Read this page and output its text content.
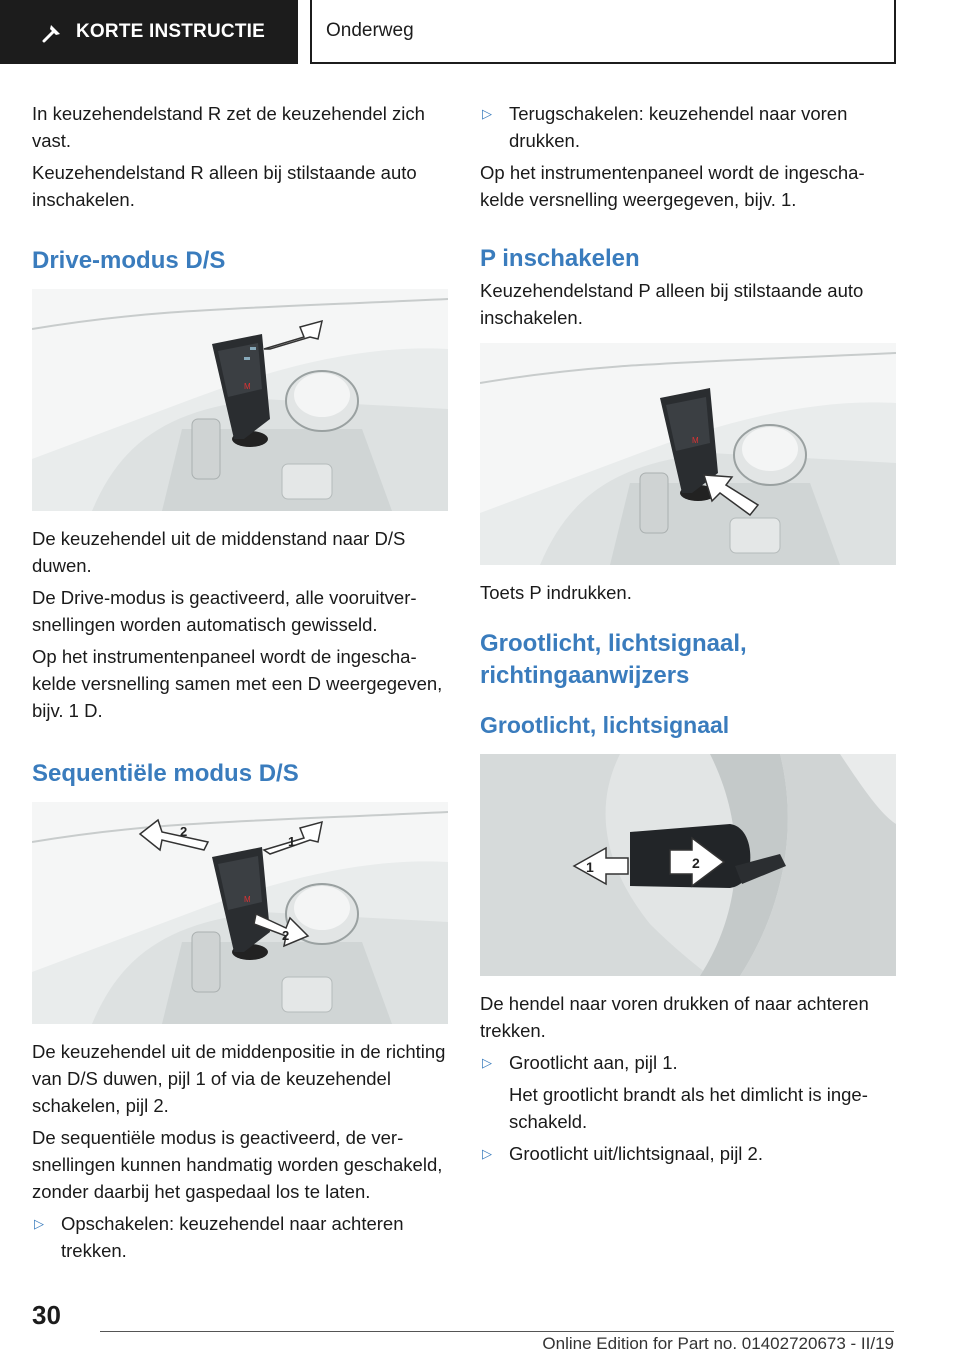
KORTE INSTRUCTIE	Onderweg

In keuzehendelstand R zet de keuzehendel zich vast.

Keuzehendelstand R alleen bij stilstaande auto inschakelen.

Drive-modus D/S
M

De keuzehendel uit de middenstand naar D/S duwen.

De Drive-modus is geactiveerd, alle vooruitversnellingen worden automatisch gewisseld.

Op het instrumentenpaneel wordt de ingeschakelde versnelling samen met een D weergegeven, bijv. 1 D.

Sequentiële modus D/S
M
2
1
2

De keuzehendel uit de middenpositie in de richting van D/S duwen, pijl 1 of via de keuzehendel schakelen, pijl 2.

De sequentiële modus is geactiveerd, de versnellingen kunnen handmatig worden geschakeld, zonder daarbij het gaspedaal los te laten.

▷ Opschakelen: keuzehendel naar achteren trekken.
▷ Terugschakelen: keuzehendel naar voren drukken.

Op het instrumentenpaneel wordt de ingeschakelde versnelling weergegeven, bijv. 1.

P inschakelen

Keuzehendelstand P alleen bij stilstaande auto inschakelen.

M

Toets P indrukken.

Grootlicht, lichtsignaal, richtingaanwijzers
Grootlicht, lichtsignaal
1	2

De hendel naar voren drukken of naar achteren trekken.

▷ Grootlicht aan, pijl 1.

Het grootlicht brandt als het dimlicht is ingeschakeld.

▷ Grootlicht uit/lichtsignaal, pijl 2.
30
Online Edition for Part no. 01402720673 - II/19
